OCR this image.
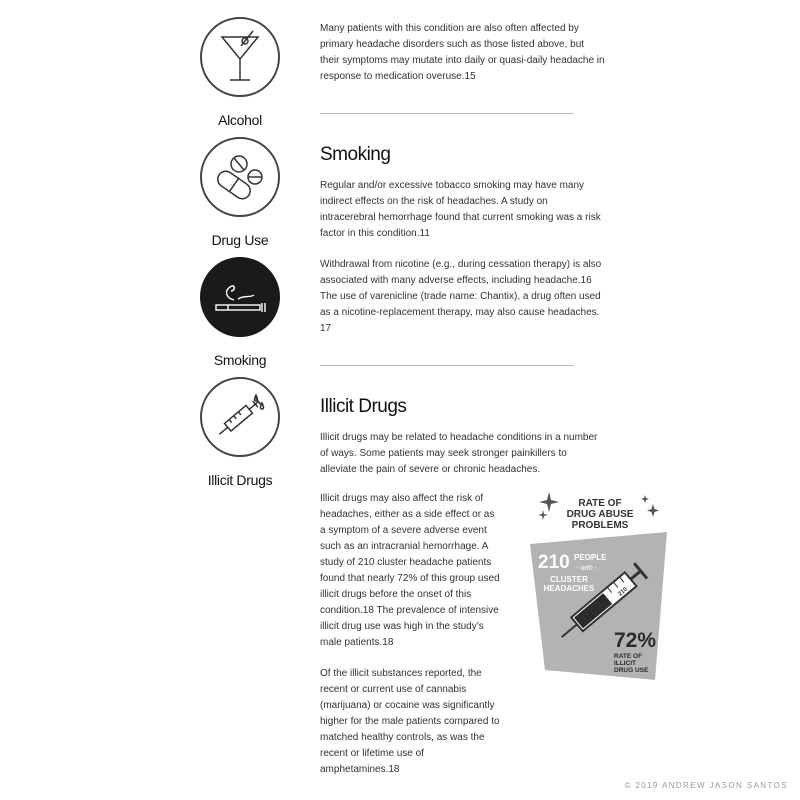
Alcohol
Drug Use
Smoking
Illicit Drugs

Many patients with this condition are also often affected by primary headache disorders such as those listed above, but their symptoms may mutate into daily or quasi-daily headache in response to medication overuse.15

Smoking

Regular and/or excessive tobacco smoking may have many indirect effects on the risk of headaches. A study on intracerebral hemorrhage found that current smoking was a risk factor in this condition.11

Withdrawal from nicotine (e.g., during cessation therapy) is also associated with many adverse effects, including headache.16 The use of varenicline (trade name: Chantix), a drug often used as a nicotine-replacement therapy, may also cause headaches. 17

Illicit Drugs

Illicit drugs may be related to headache conditions in a number of ways. Some patients may seek stronger painkillers to alleviate the pain of severe or chronic headaches.

Illicit drugs may also affect the risk of headaches, either as a side effect or as a symptom of a severe adverse event such as an intracranial hemorrhage. A study of 210 cluster headache patients found that nearly 72% of this group used illicit drugs before the onset of this condition.18 The prevalence of intensive illicit drug use was high in the study’s male patients.18

Of the illicit substances reported, the recent or current use of cannabis (marijuana) or cocaine was significantly higher for the male patients compared to matched healthy controls, as was the recent or lifetime use of amphetamines.18

RATE OF
DRUG ABUSE
PROBLEMS
210 PEOPLE
- with -
CLUSTER
HEADACHES	210
72%
RATE OF
ILLICIT
DRUG USE
© 2019 ANDREW JASON SANTOS
